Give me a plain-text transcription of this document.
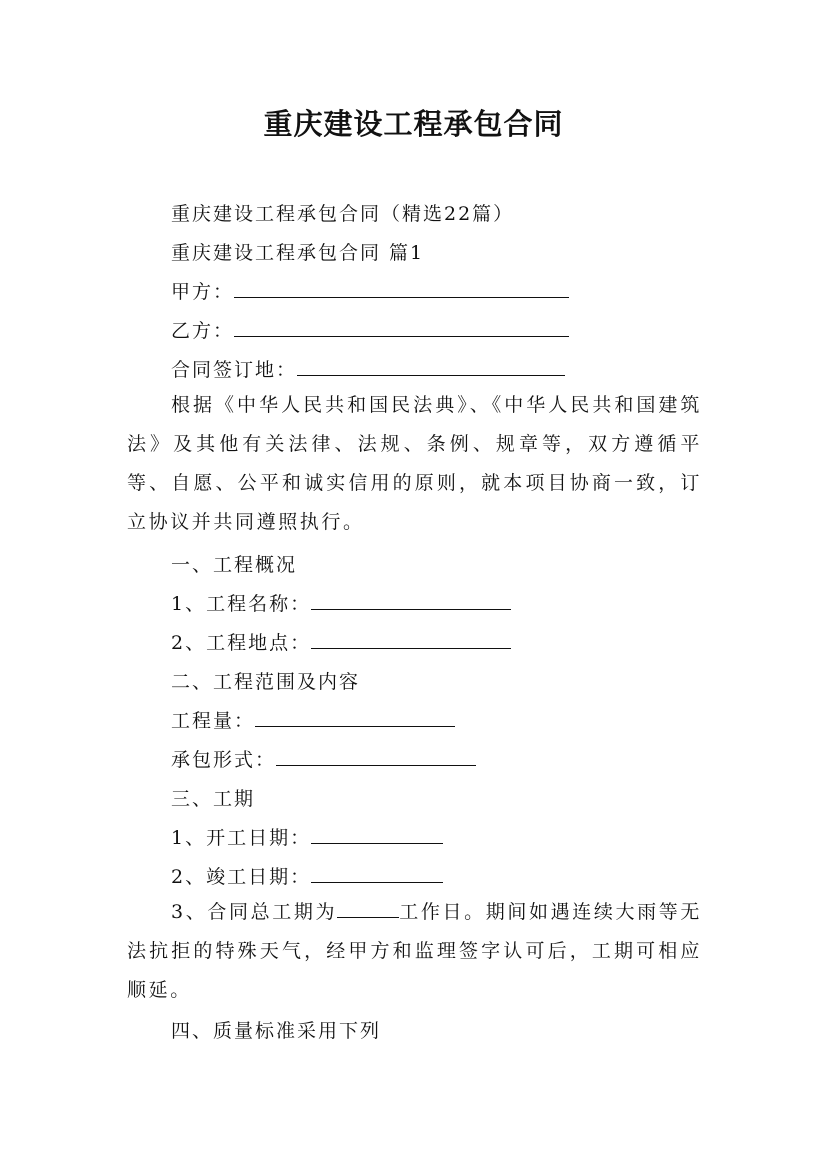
重庆建设工程承包合同
重庆建设工程承包合同（精选22篇）
重庆建设工程承包合同 篇1
甲方：
乙方：
合同签订地：
根据《中华人民共和国民法典》、《中华人民共和国建筑法》及其他有关法律、法规、条例、规章等，双方遵循平等、自愿、公平和诚实信用的原则，就本项目协商一致，订立协议并共同遵照执行。
一、工程概况
1、工程名称：
2、工程地点：
二、工程范围及内容
工程量：
承包形式：
三、工期
1、开工日期：
2、竣工日期：
3、合同总工期为	工作日。期间如遇连续大雨等无法抗拒的特殊天气，经甲方和监理签字认可后，工期可相应顺延。
四、质量标准采用下列
